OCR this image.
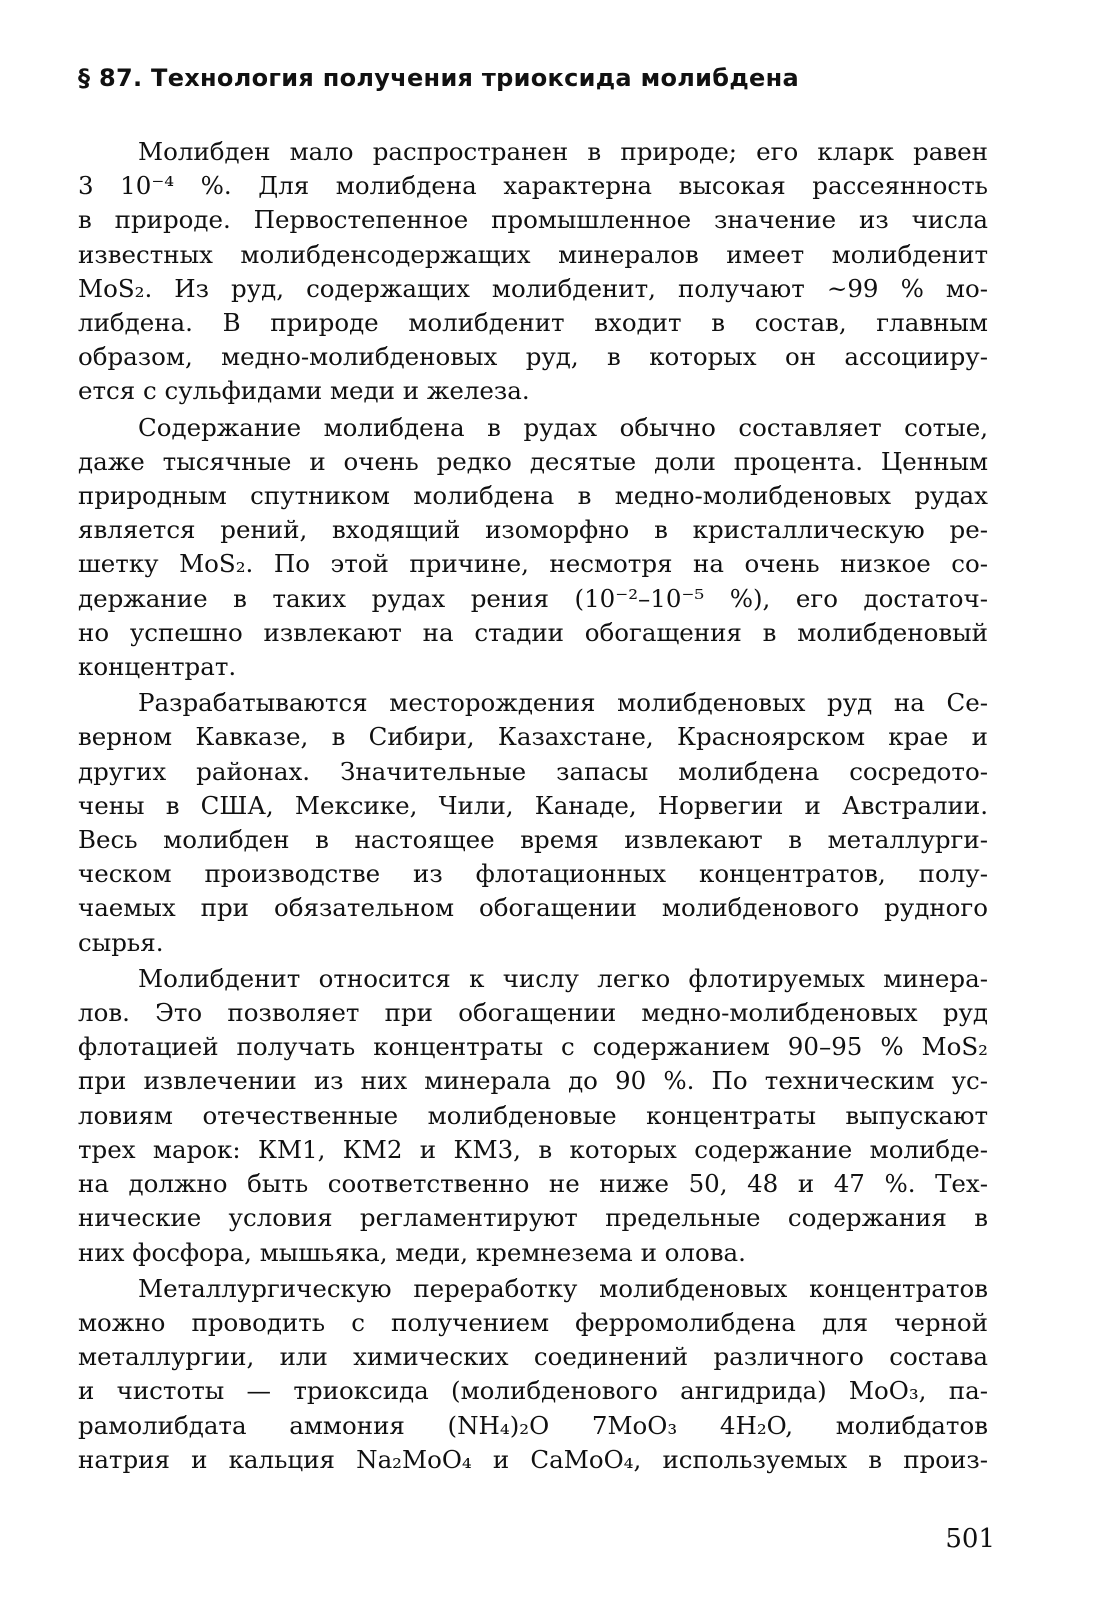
§ 87. Технология получения триоксида молибдена
Молибден мало распространен в природе; его кларк равен
3 10⁻⁴ %. Для молибдена характерна высокая рассеянность
в природе. Первостепенное промышленное значение из числа
известных молибденсодержащих минералов имеет молибденит
MoS₂. Из руд, содержащих молибденит, получают ~99 % мо-
либдена. В природе молибденит входит в состав, главным
образом, медно-молибденовых руд, в которых он ассоцииру-
ется с сульфидами меди и железа.
Содержание молибдена в рудах обычно составляет сотые,
даже тысячные и очень редко десятые доли процента. Ценным
природным спутником молибдена в медно-молибденовых рудах
является рений, входящий изоморфно в кристаллическую ре-
шетку MoS₂. По этой причине, несмотря на очень низкое со-
держание в таких рудах рения (10⁻²–10⁻⁵ %), его достаточ-
но успешно извлекают на стадии обогащения в молибденовый
концентрат.
Разрабатываются месторождения молибденовых руд на Се-
верном Кавказе, в Сибири, Казахстане, Красноярском крае и
других районах. Значительные запасы молибдена сосредото-
чены в США, Мексике, Чили, Канаде, Норвегии и Австралии.
Весь молибден в настоящее время извлекают в металлурги-
ческом производстве из флотационных концентратов, полу-
чаемых при обязательном обогащении молибденового рудного
сырья.
Молибденит относится к числу легко флотируемых минера-
лов. Это позволяет при обогащении медно-молибденовых руд
флотацией получать концентраты с содержанием 90–95 % MoS₂
при извлечении из них минерала до 90 %. По техническим ус-
ловиям отечественные молибденовые концентраты выпускают
трех марок: КМ1, КМ2 и КМ3, в которых содержание молибде-
на должно быть соответственно не ниже 50, 48 и 47 %. Тех-
нические условия регламентируют предельные содержания в
них фосфора, мышьяка, меди, кремнезема и олова.
Металлургическую переработку молибденовых концентратов
можно проводить с получением ферромолибдена для черной
металлургии, или химических соединений различного состава
и чистоты — триоксида (молибденового ангидрида) MoO₃, па-
рамолибдата аммония (NH₄)₂O 7MoO₃ 4H₂O, молибдатов
натрия и кальция Na₂MoO₄ и CaMoO₄, используемых в произ-
501
